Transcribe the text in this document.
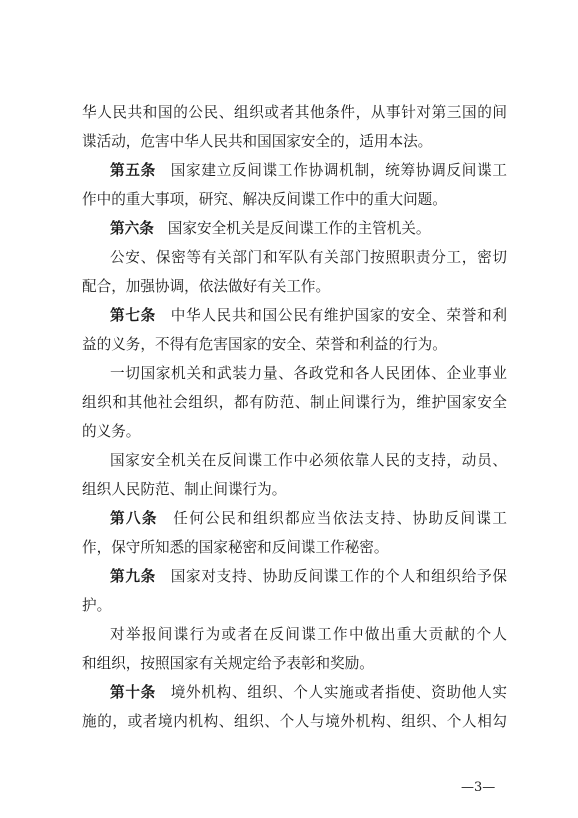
华人民共和国的公民、组织或者其他条件，从事针对第三国的间
谍活动，危害中华人民共和国国家安全的，适用本法。
第五条 国家建立反间谍工作协调机制，统筹协调反间谍工
作中的重大事项，研究、解决反间谍工作中的重大问题。
第六条 国家安全机关是反间谍工作的主管机关。
公安、保密等有关部门和军队有关部门按照职责分工，密切
配合，加强协调，依法做好有关工作。
第七条 中华人民共和国公民有维护国家的安全、荣誉和利
益的义务，不得有危害国家的安全、荣誉和利益的行为。
一切国家机关和武装力量、各政党和各人民团体、企业事业
组织和其他社会组织，都有防范、制止间谍行为，维护国家安全
的义务。
国家安全机关在反间谍工作中必须依靠人民的支持，动员、
组织人民防范、制止间谍行为。
第八条 任何公民和组织都应当依法支持、协助反间谍工
作，保守所知悉的国家秘密和反间谍工作秘密。
第九条 国家对支持、协助反间谍工作的个人和组织给予保
护。
对举报间谍行为或者在反间谍工作中做出重大贡献的个人
和组织，按照国家有关规定给予表彰和奖励。
第十条 境外机构、组织、个人实施或者指使、资助他人实
施的，或者境内机构、组织、个人与境外机构、组织、个人相勾
—3—
